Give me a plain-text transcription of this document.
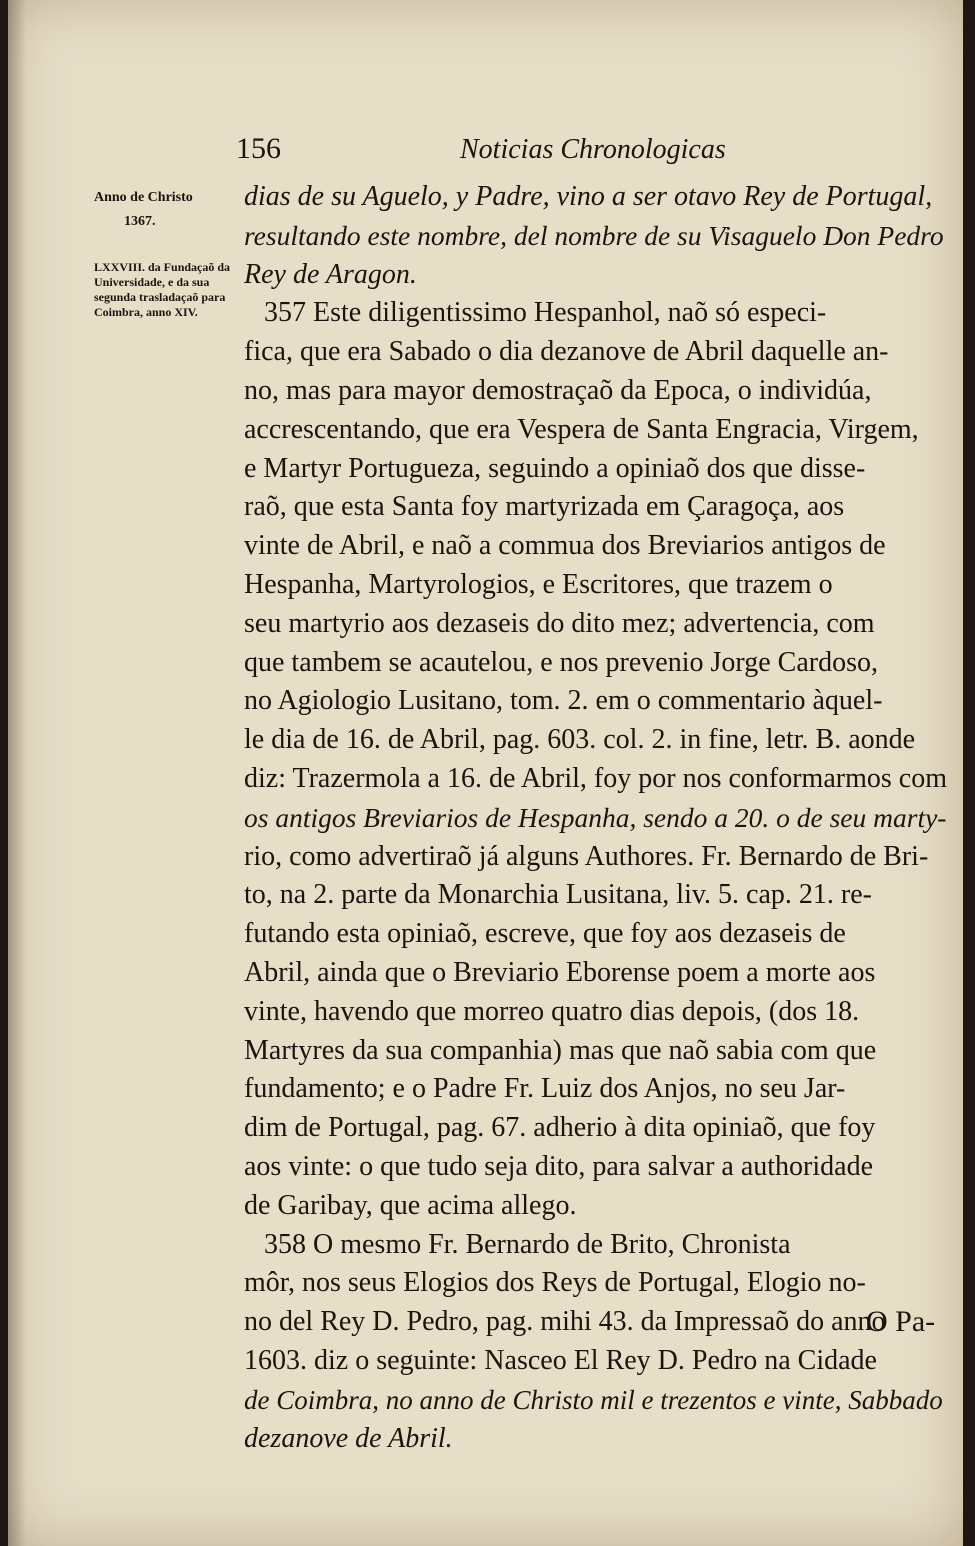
156	Noticias Chronologicas
Anno de Christo
1367.
LXXVIII. da Fundaçaõ da Universidade, e da sua segunda trasladaçaõ para Coimbra, anno XIV.
dias de su Aguelo, y Padre, vino a ser otavo Rey de Portugal,
resultando este nombre, del nombre de su Visaguelo Don Pedro
Rey de Aragon.
357 Este diligentissimo Hespanhol, naõ só especi-
fica, que era Sabado o dia dezanove de Abril daquelle an-
no, mas para mayor demostraçaõ da Epoca, o individúa,
accrescentando, que era Vespera de Santa Engracia, Virgem,
e Martyr Portugueza, seguindo a opiniaõ dos que disse-
raõ, que esta Santa foy martyrizada em Çaragoça, aos
vinte de Abril, e naõ a commua dos Breviarios antigos de
Hespanha, Martyrologios, e Escritores, que trazem o
seu martyrio aos dezaseis do dito mez; advertencia, com
que tambem se acautelou, e nos prevenio Jorge Cardoso,
no Agiologio Lusitano, tom. 2. em o commentario àquel-
le dia de 16. de Abril, pag. 603. col. 2. in fine, letr. B. aonde
diz: Trazermola a 16. de Abril, foy por nos conformarmos com
os antigos Breviarios de Hespanha, sendo a 20. o de seu marty-
rio, como advertiraõ já alguns Authores. Fr. Bernardo de Bri-
to, na 2. parte da Monarchia Lusitana, liv. 5. cap. 21. re-
futando esta opiniaõ, escreve, que foy aos dezaseis de
Abril, ainda que o Breviario Eborense poem a morte aos
vinte, havendo que morreo quatro dias depois, (dos 18.
Martyres da sua companhia) mas que naõ sabia com que
fundamento; e o Padre Fr. Luiz dos Anjos, no seu Jar-
dim de Portugal, pag. 67. adherio à dita opiniaõ, que foy
aos vinte: o que tudo seja dito, para salvar a authoridade
de Garibay, que acima allego.
358 O mesmo Fr. Bernardo de Brito, Chronista
môr, nos seus Elogios dos Reys de Portugal, Elogio no-
no del Rey D. Pedro, pag. mihi 43. da Impressaõ do anno
1603. diz o seguinte: Nasceo El Rey D. Pedro na Cidade
de Coimbra, no anno de Christo mil e trezentos e vinte, Sabbado
dezanove de Abril.
O Pa-
